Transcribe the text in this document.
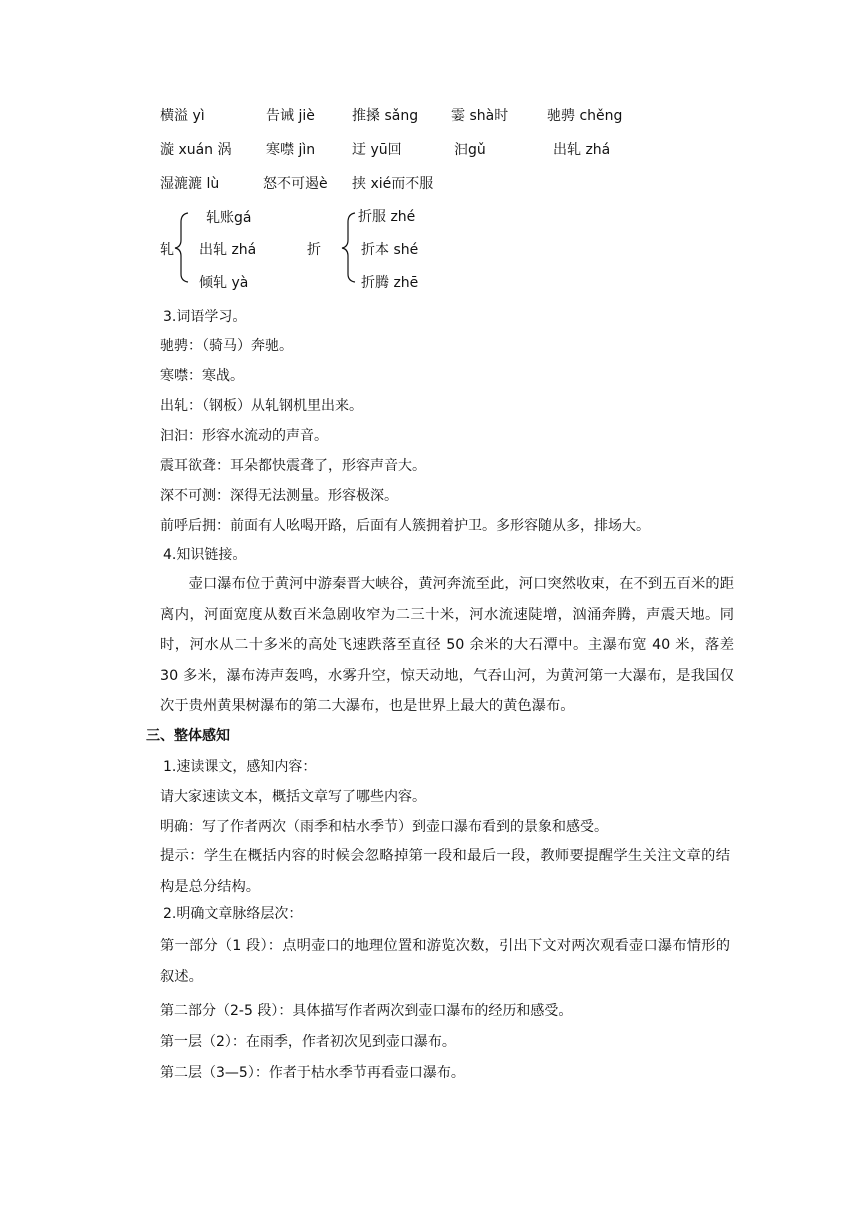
横溢 yì	告诫 jiè	推搡 sǎng 霎 shà时	驰骋 chěng
漩 xuán 涡 寒噤 jìn	迂 yū回	汩gǔ	出轧 zhá
湿漉漉 lù	怒不可遏è 挟 xié而不服
轧
轧账gá
出轧 zhá
倾轧 yà
折
折服 zhé
折本 shé
折腾 zhē
3.词语学习。
驰骋：（骑马）奔驰。
寒噤：寒战。
出轧：（钢板）从轧钢机里出来。
汩汩：形容水流动的声音。
震耳欲聋：耳朵都快震聋了，形容声音大。
深不可测：深得无法测量。形容极深。
前呼后拥：前面有人吆喝开路，后面有人簇拥着护卫。多形容随从多，排场大。
4.知识链接。
壶口瀑布位于黄河中游秦晋大峡谷，黄河奔流至此，河口突然收束，在不到五百米的距离内，河面宽度从数百米急剧收窄为二三十米，河水流速陡增，汹涌奔腾，声震天地。同时，河水从二十多米的高处飞速跌落至直径 50 余米的大石潭中。主瀑布宽 40 米，落差 30 多米，瀑布涛声轰鸣，水雾升空，惊天动地，气吞山河，为黄河第一大瀑布，是我国仅次于贵州黄果树瀑布的第二大瀑布，也是世界上最大的黄色瀑布。
三、整体感知
1.速读课文，感知内容：
请大家速读文本，概括文章写了哪些内容。
明确：写了作者两次（雨季和枯水季节）到壶口瀑布看到的景象和感受。
提示：学生在概括内容的时候会忽略掉第一段和最后一段，教师要提醒学生关注文章的结构是总分结构。
2.明确文章脉络层次：
第一部分（1 段）：点明壶口的地理位置和游览次数，引出下文对两次观看壶口瀑布情形的叙述。
第二部分（2-5 段）：具体描写作者两次到壶口瀑布的经历和感受。
第一层（2）：在雨季，作者初次见到壶口瀑布。
第二层（3—5）：作者于枯水季节再看壶口瀑布。
